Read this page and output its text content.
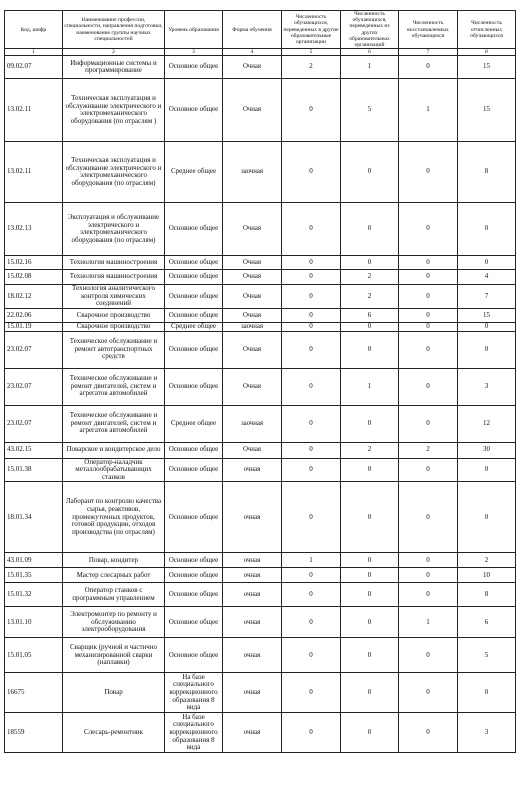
Код, шифр	Наименование профессии, специальности, направления подготовки, наименование группы научных специальностей	Уровень образования	Форма обучения	Численность обучающихся, переведенных в другие образовательные организации	Численность обучающихся, переведенных из других образовательных организаций	Численность восстановленных обучающихся	Численность отчисленных обучающихся
1	2	3	4	5	6	7	8
09.02.07	Информационные системы и программирование	Основное общее	Очная	2	1	0	15
13.02.11	Техническая эксплуатация и обслуживание электрического и электромеханического оборудования (по отраслям )	Основное общее	Очная	0	5	1	15
13.02.11	Техническая эксплуатация и обслуживание электрического и электромеханического оборудования (по отраслям)	Среднее общее	заочная	0	0	0	8
13.02.13	Эксплуатация и обслуживание электрического и электромеханического оборудования (по отраслям)	Основное общее	Очная	0	0	0	0
15.02.16	Технология машиностроения	Основное общее	Очная	0	0	0	0
15.02.08	Технология машиностроения	Основное общее	Очная	0	2	0	4
18.02.12	Технология аналитического контроля химических соединений	Основное общее	Очная	0	2	0	7
22.02.06	Сварочное производство	Основное общее	Очная	0	6	0	15
15.01.19	Сварочное производство	Среднее общее	заочная	0	0	0	0
23.02.07	Техническое обслуживание и ремонт автотранспортных средств	Основное общее	Очная	0	0	0	0
23.02.07	Техническое обслуживание и ремонт двигателей, систем и агрегатов автомобилей	Основное общее	Очная	0	1	0	3
23.02.07	Техническое обслуживание и ремонт двигателей, систем и агрегатов автомобилей	Среднее общее	заочная	0	0	0	12
43.02.15	Поварское и кондитерское дело	Основное общее	Очная	0	2	2	30
15.01.38	Оператор-наладчик металлообрабатывающих станков	Основное общее	очная	0	0	0	0
18.01.34	Лаборант по контролю качества сырья, реактивов, промежуточных продуктов, готовой продукции, отходов производства (по отраслям)	Основное общее	очная	0	0	0	0
43.01.09	Повар, кондитер	Основное общее	очная	1	0	0	2
15.01.35	Мастер слесарных работ	Основное общее	очная	0	0	0	10
15.01.32	Оператор станков с программным управлением	Основное общее	очная	0	0	0	8
13.01.10	Электромонтер по ремонту и обслуживанию электрооборудования	Основное общее	очная	0	0	1	6
15.01.05	Сварщик (ручной и частично механизированной сварки (наплавки)	Основное общее	очная	0	0	0	5
16675	Повар	На базе специального коррекционного образования 8 вида	очная	0	0	0	0
18559	Слесарь-ремонтник	На базе специального коррекционного образования 8 вида	очная	0	0	0	3
